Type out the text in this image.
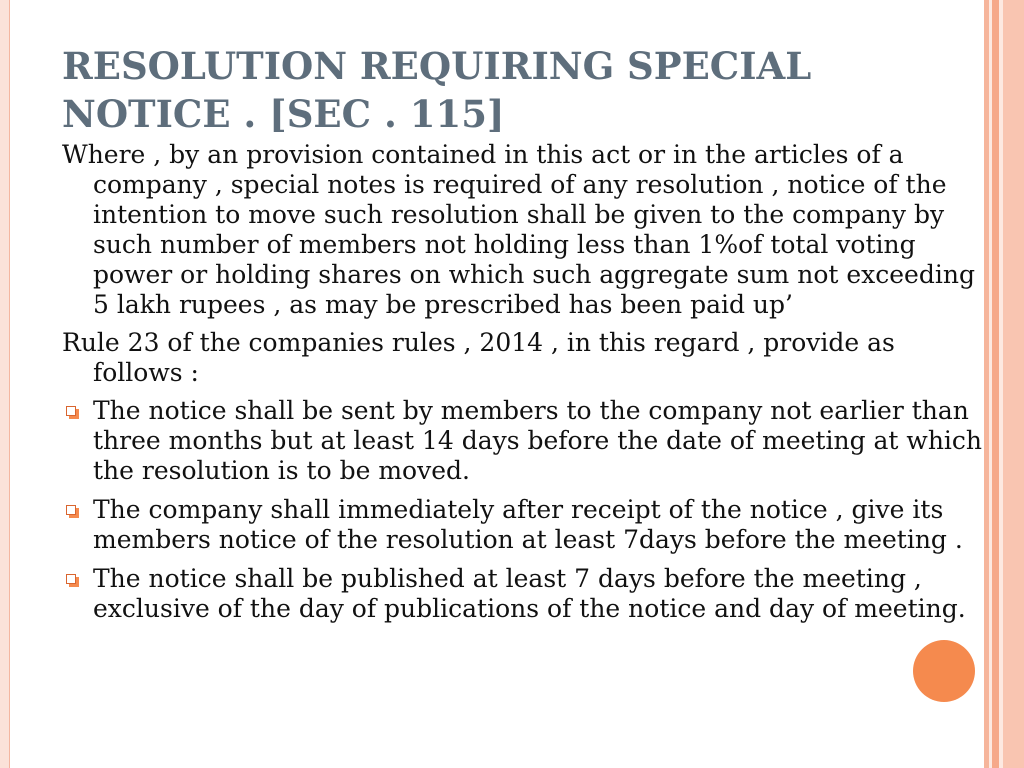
RESOLUTION REQUIRING SPECIAL
NOTICE . [SEC . 115]
Where , by an provision contained in this act or in the articles of a company , special notes is required of any resolution , notice of the intention to move such resolution shall be given to the company by such number of members not holding less than 1%of total voting power or holding shares on which such aggregate sum not exceeding 5 lakh rupees , as may be prescribed has been paid up’
Rule 23 of the companies rules , 2014 , in this regard , provide as follows :
The notice shall be sent by members to the company not earlier than three months but at least 14 days before the date of meeting at which the resolution is to be moved.
The company shall immediately after receipt of the notice , give its members notice of the resolution at least 7days before the meeting .
The notice shall be published at least 7 days before the meeting , exclusive of the day of publications of the notice and day of meeting.
